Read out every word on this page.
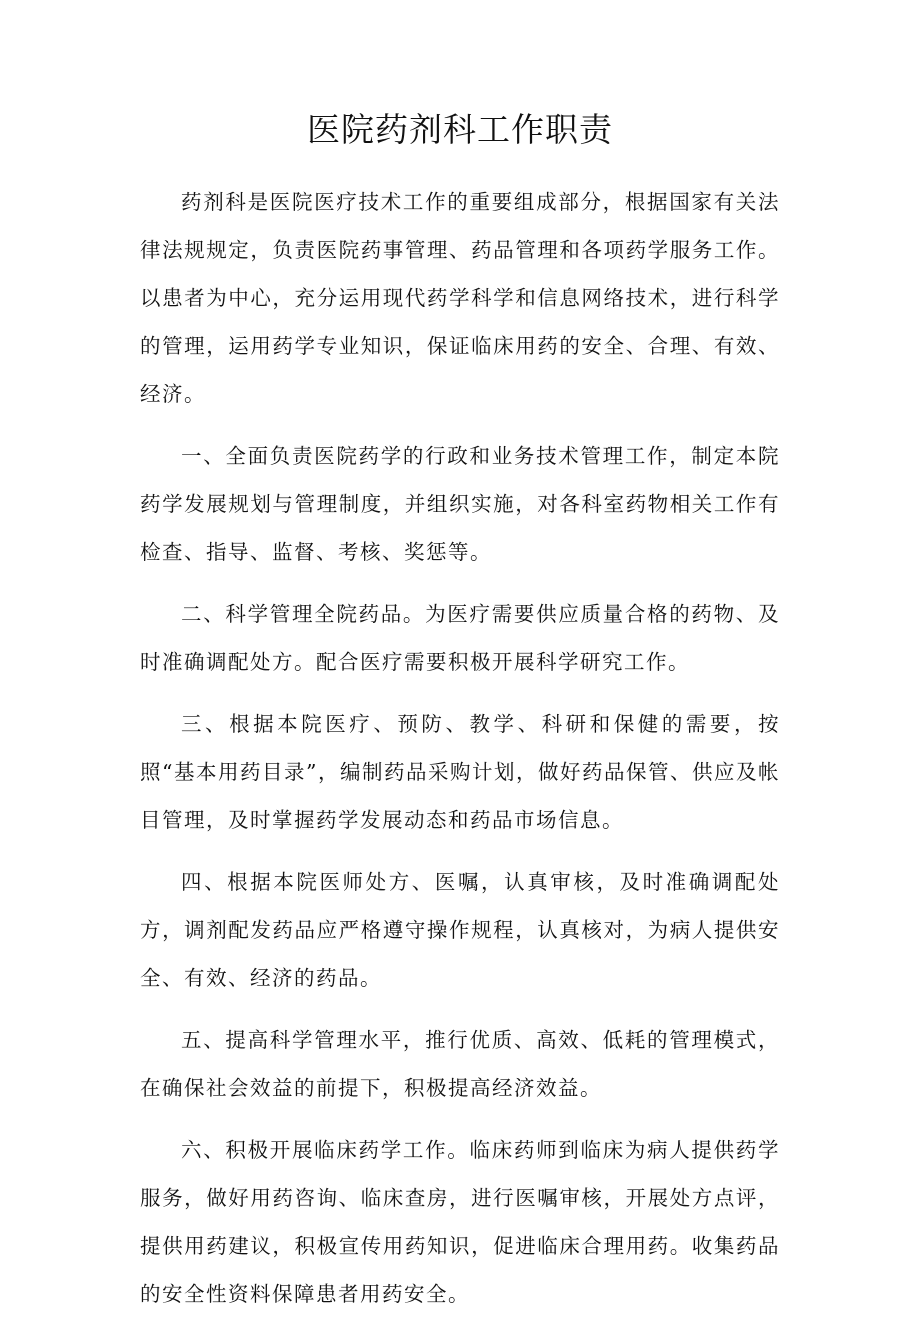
医院药剂科工作职责

药剂科是医院医疗技术工作的重要组成部分，根据国家有关法律法规规定，负责医院药事管理、药品管理和各项药学服务工作。以患者为中心，充分运用现代药学科学和信息网络技术，进行科学的管理，运用药学专业知识，保证临床用药的安全、合理、有效、经济。

一、全面负责医院药学的行政和业务技术管理工作，制定本院药学发展规划与管理制度，并组织实施，对各科室药物相关工作有检查、指导、监督、考核、奖惩等。

二、科学管理全院药品。为医疗需要供应质量合格的药物、及时准确调配处方。配合医疗需要积极开展科学研究工作。

三、根据本院医疗、预防、教学、科研和保健的需要，按照“基本用药目录”，编制药品采购计划，做好药品保管、供应及帐目管理，及时掌握药学发展动态和药品市场信息。

四、根据本院医师处方、医嘱，认真审核，及时准确调配处方，调剂配发药品应严格遵守操作规程，认真核对，为病人提供安全、有效、经济的药品。

五、提高科学管理水平，推行优质、高效、低耗的管理模式，在确保社会效益的前提下，积极提高经济效益。

六、积极开展临床药学工作。临床药师到临床为病人提供药学服务，做好用药咨询、临床查房，进行医嘱审核，开展处方点评，提供用药建议，积极宣传用药知识，促进临床合理用药。收集药品的安全性资料保障患者用药安全。
